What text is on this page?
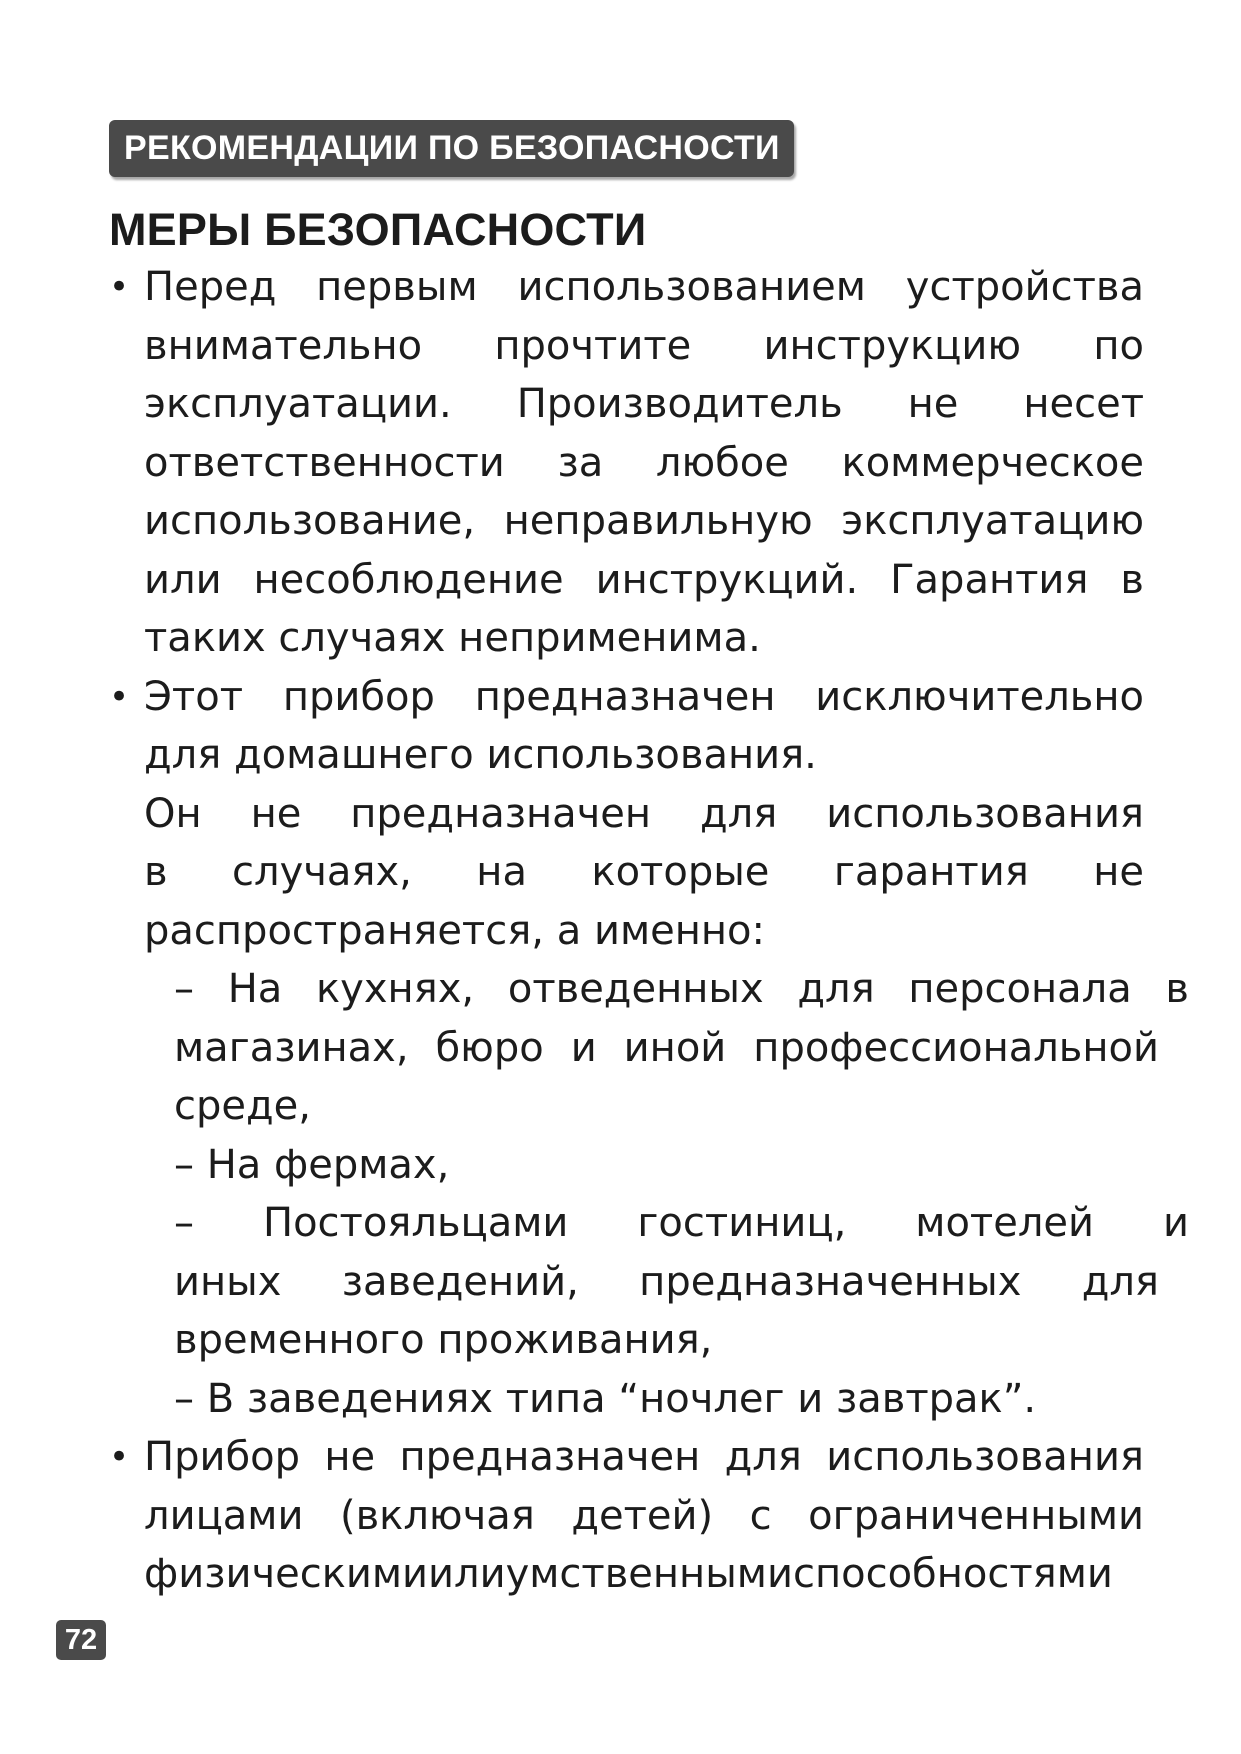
РЕКОМЕНДАЦИИ ПО БЕЗОПАСНОСТИ
МЕРЫ БЕЗОПАСНОСТИ
• Перед первым использованием устройства
внимательно прочтите инструкцию по
эксплуатации. Производитель не несет
ответственности за любое коммерческое
использование, неправильную эксплуатацию
или несоблюдение инструкций. Гарантия в
таких случаях неприменима.
• Этот прибор предназначен исключительно
для домашнего использования.
Он не предназначен для использования
в случаях, на которые гарантия не
распространяется, а именно:
– На кухнях, отведенных для персонала в
магазинах, бюро и иной профессиональной
среде,
– На фермах,
– Постояльцами гостиниц, мотелей и
иных заведений, предназначенных для
временного проживания,
– В заведениях типа “ночлег и завтрак”.
• Прибор не предназначен для использования
лицами (включая детей) с ограниченными
физическимиилиумственнымиспособностями
72
